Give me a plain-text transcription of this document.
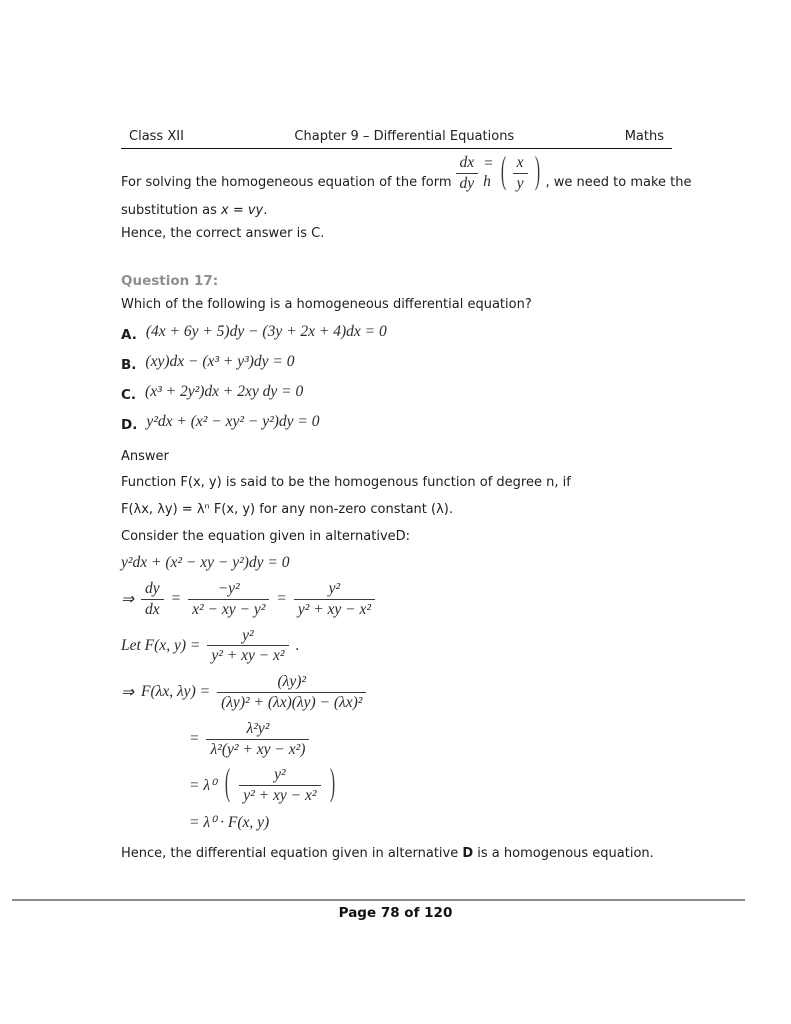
Class XII	Chapter 9 – Differential Equations	Maths
For solving the homogeneous equation of the form $\frac{dx}{dy} = h$ ( $\frac{x}{y}$ ) , we need to make the
substitution as x = vy.
Hence, the correct answer is C.
Question 17:
Which of the following is a homogeneous differential equation?
A. (4x + 6y + 5)dy − (3y + 2x + 4)dx = 0
B. (xy)dx − (x³ + y³)dy = 0
C. (x³ + 2y²)dx + 2xy dy = 0
D. y²dx + (x² − xy² − y²)dy = 0
Answer
Function F(x, y) is said to be the homogenous function of degree n, if
F(λx, λy) = λⁿ F(x, y) for any non-zero constant (λ).
Consider the equation given in alternativeD:
y²dx + (x² − xy − y²)dy = 0
⇒ $\frac{dy}{dx} = \frac{\text{−y²}}{\text{x² − xy − y²}} = \frac{\text{y²}}{\text{y² + xy − x²}}$
Let F(x, $y) = \frac{\text{y²}}{\text{y² + xy − x²}}$ .
⇒ F(λx, $\lambda y) = \frac{\text{(λy)²}}{\text{(λy)² + (λx)(λy) − (λx)²}}$
= $\frac{\text{λ²y²}}{\text{λ²(y² + xy − x²)}}$
= λ⁰ ( $\frac{\text{y²}}{\text{y² + xy − x²}}$ )
= λ⁰ · F(x, y)
Hence, the differential equation given in alternative D is a homogenous equation.
Page 78 of 120
